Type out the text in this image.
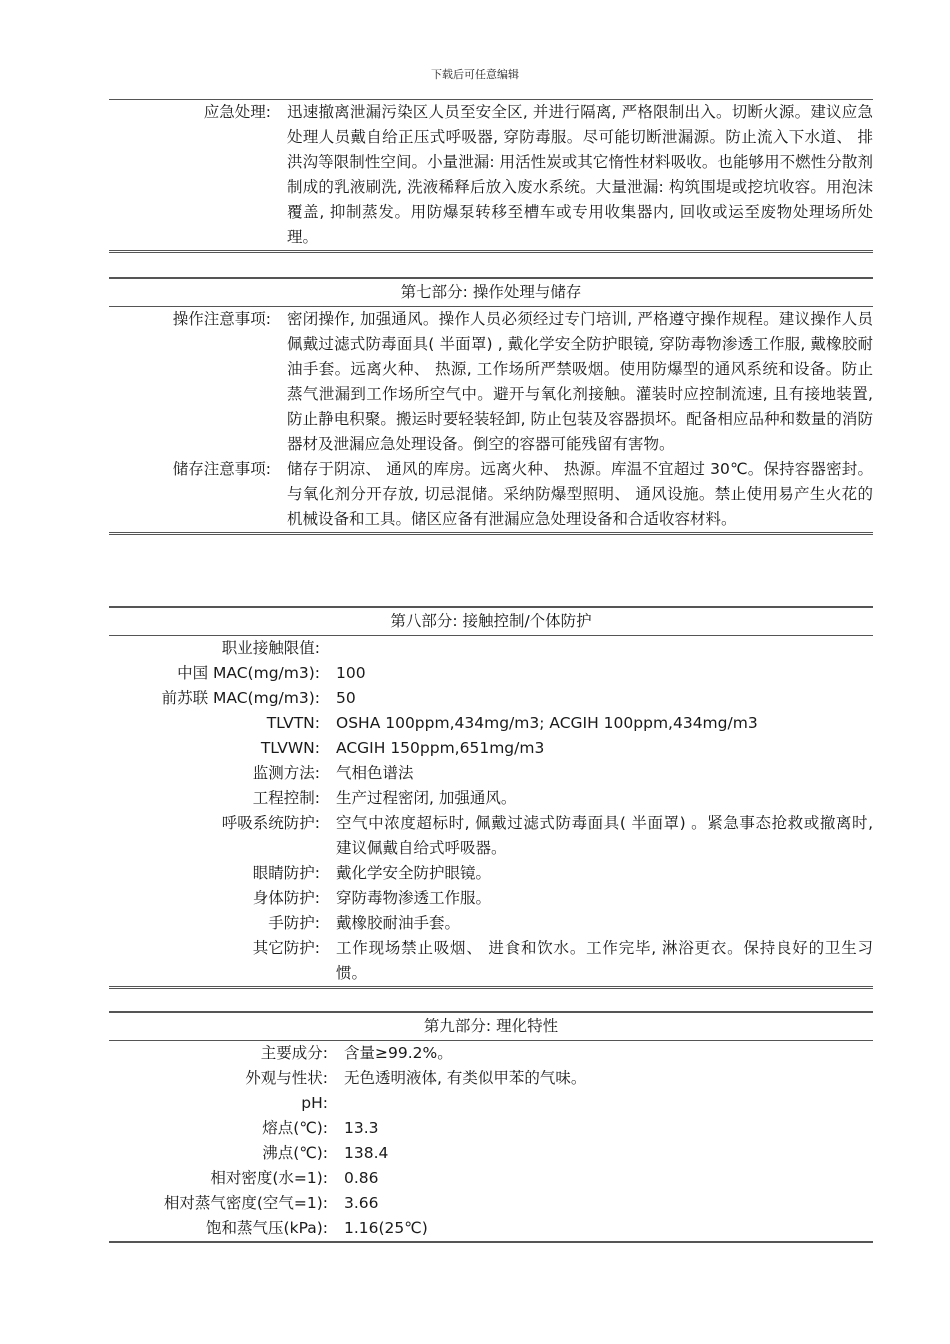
下载后可任意编辑
应急处理:	迅速撤离泄漏污染区人员至安全区, 并进行隔离, 严格限制出入。切断火源。建议应急处理人员戴自给正压式呼吸器, 穿防毒服。尽可能切断泄漏源。防止流入下水道、 排洪沟等限制性空间。小量泄漏: 用活性炭或其它惰性材料吸收。也能够用不燃性分散剂制成的乳液刷洗, 洗液稀释后放入废水系统。大量泄漏: 构筑围堤或挖坑收容。用泡沫覆盖, 抑制蒸发。用防爆泵转移至槽车或专用收集器内, 回收或运至废物处理场所处理。
第七部分: 操作处理与储存
操作注意事项:	密闭操作, 加强通风。操作人员必须经过专门培训, 严格遵守操作规程。建议操作人员佩戴过滤式防毒面具( 半面罩) , 戴化学安全防护眼镜, 穿防毒物渗透工作服, 戴橡胶耐油手套。远离火种、 热源, 工作场所严禁吸烟。使用防爆型的通风系统和设备。防止蒸气泄漏到工作场所空气中。避开与氧化剂接触。灌装时应控制流速, 且有接地装置, 防止静电积聚。搬运时要轻装轻卸, 防止包装及容器损坏。配备相应品种和数量的消防器材及泄漏应急处理设备。倒空的容器可能残留有害物。
储存注意事项:	储存于阴凉、 通风的库房。远离火种、 热源。库温不宜超过 30℃。保持容器密封。与氧化剂分开存放, 切忌混储。采纳防爆型照明、 通风设施。禁止使用易产生火花的机械设备和工具。储区应备有泄漏应急处理设备和合适收容材料。
第八部分: 接触控制/个体防护
职业接触限值:
中国 MAC(mg/m3):	100
前苏联 MAC(mg/m3):	50
TLVTN:	OSHA 100ppm,434mg/m3; ACGIH 100ppm,434mg/m3
TLVWN:	ACGIH 150ppm,651mg/m3
监测方法:	气相色谱法
工程控制:	生产过程密闭, 加强通风。
呼吸系统防护:	空气中浓度超标时, 佩戴过滤式防毒面具( 半面罩) 。紧急事态抢救或撤离时, 建议佩戴自给式呼吸器。
眼睛防护:	戴化学安全防护眼镜。
身体防护:	穿防毒物渗透工作服。
手防护:	戴橡胶耐油手套。
其它防护:	工作现场禁止吸烟、 进食和饮水。工作完毕, 淋浴更衣。保持良好的卫生习惯。
第九部分: 理化特性
主要成分:	含量≥99.2%。
外观与性状:	无色透明液体, 有类似甲苯的气味。
pH:
熔点(℃):	13.3
沸点(℃):	138.4
相对密度(水=1):	0.86
相对蒸气密度(空气=1):	3.66
饱和蒸气压(kPa):	1.16(25℃)
